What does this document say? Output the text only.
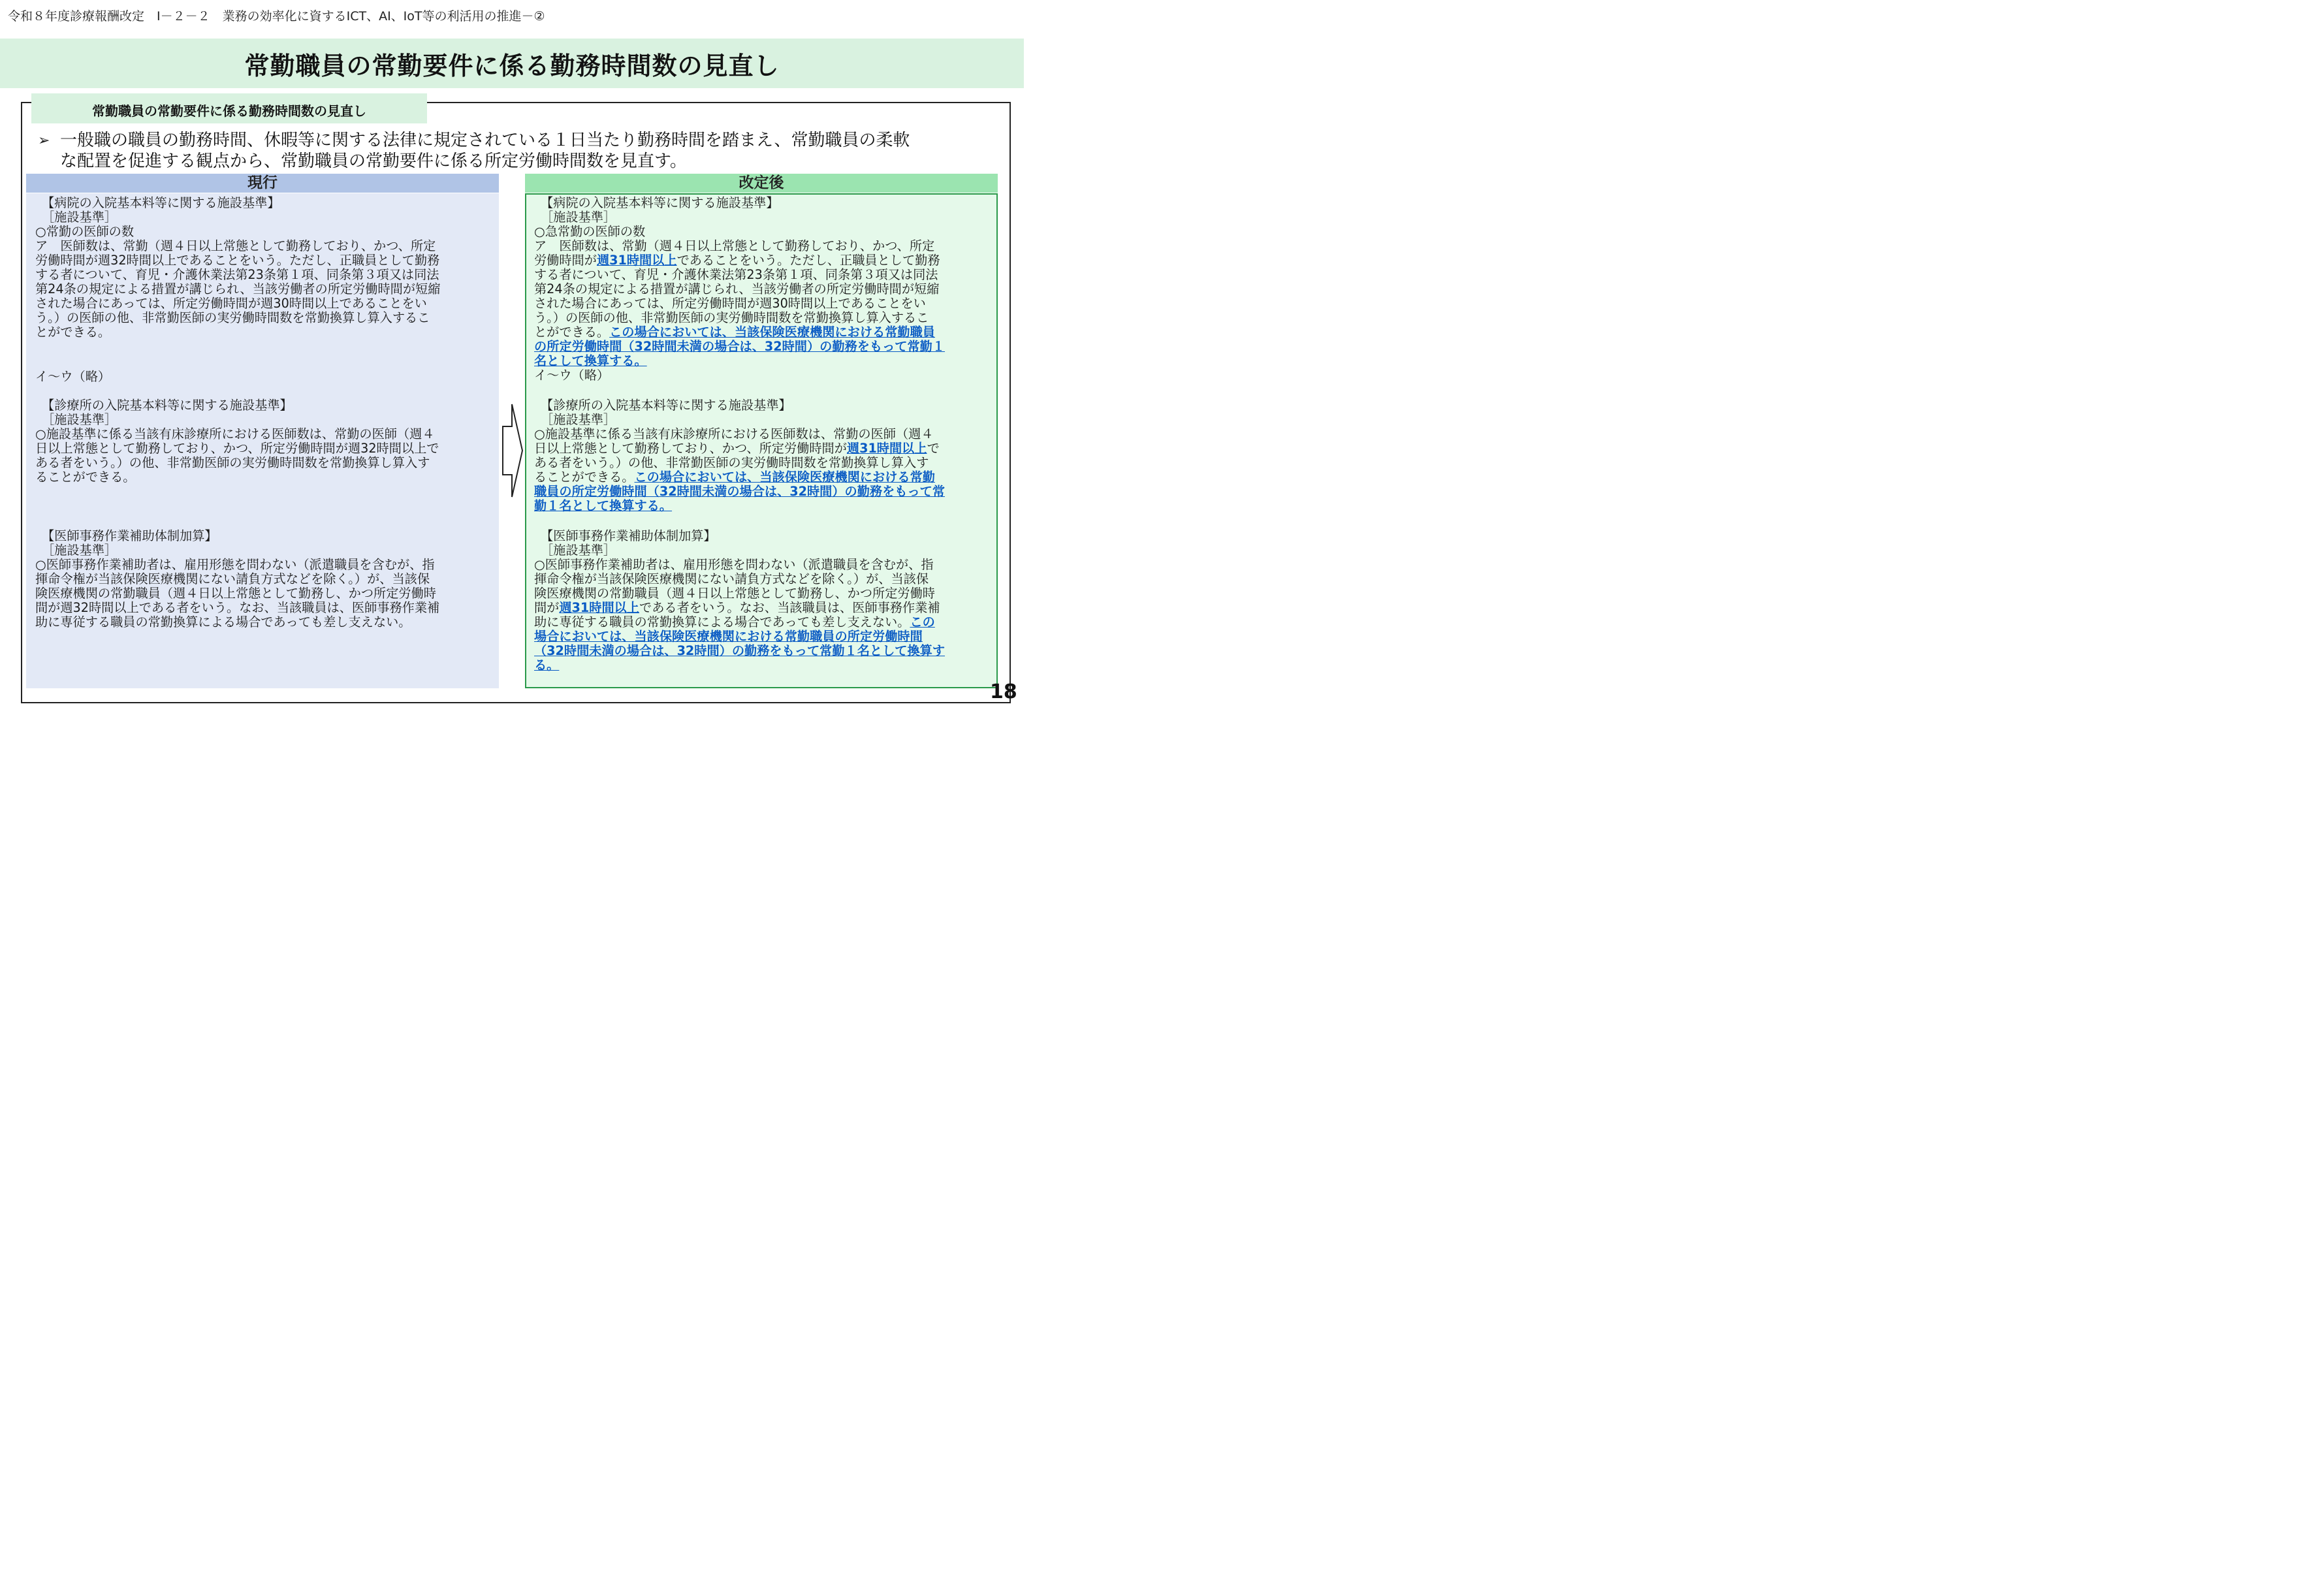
令和８年度診療報酬改定　Ⅰ－２－２　業務の効率化に資するICT、AI、IoT等の利活用の推進－②
常勤職員の常勤要件に係る勤務時間数の見直し
常勤職員の常勤要件に係る勤務時間数の見直し
➢ 一般職の職員の勤務時間、休暇等に関する法律に規定されている１日当たり勤務時間を踏まえ、常勤職員の柔軟
な配置を促進する観点から、常勤職員の常勤要件に係る所定労働時間数を見直す。
現行
【病院の入院基本料等に関する施設基準】
［施設基準］
○常勤の医師の数
ア　医師数は、常勤（週４日以上常態として勤務しており、かつ、所定
労働時間が週32時間以上であることをいう。ただし、正職員として勤務
する者について、育児・介護休業法第23条第１項、同条第３項又は同法
第24条の規定による措置が講じられ、当該労働者の所定労働時間が短縮
された場合にあっては、所定労働時間が週30時間以上であることをい
う。）の医師の他、非常勤医師の実労働時間数を常勤換算し算入するこ
とができる。
イ～ウ（略）
【診療所の入院基本料等に関する施設基準】
［施設基準］
○施設基準に係る当該有床診療所における医師数は、常勤の医師（週４
日以上常態として勤務しており、かつ、所定労働時間が週32時間以上で
ある者をいう。）の他、非常勤医師の実労働時間数を常勤換算し算入す
ることができる。
【医師事務作業補助体制加算】
［施設基準］
○医師事務作業補助者は、雇用形態を問わない（派遣職員を含むが、指
揮命令権が当該保険医療機関にない請負方式などを除く。）が、当該保
険医療機関の常勤職員（週４日以上常態として勤務し、かつ所定労働時
間が週32時間以上である者をいう。なお、当該職員は、医師事務作業補
助に専従する職員の常勤換算による場合であっても差し支えない。
改定後
【病院の入院基本料等に関する施設基準】
［施設基準］
○急常勤の医師の数
ア　医師数は、常勤（週４日以上常態として勤務しており、かつ、所定
労働時間が週31時間以上であることをいう。ただし、正職員として勤務
する者について、育児・介護休業法第23条第１項、同条第３項又は同法
第24条の規定による措置が講じられ、当該労働者の所定労働時間が短縮
された場合にあっては、所定労働時間が週30時間以上であることをい
う。）の医師の他、非常勤医師の実労働時間数を常勤換算し算入するこ
とができる。この場合においては、当該保険医療機関における常勤職員
の所定労働時間（32時間未満の場合は、32時間）の勤務をもって常勤１
名として換算する。
イ～ウ（略）
【診療所の入院基本料等に関する施設基準】
［施設基準］
○施設基準に係る当該有床診療所における医師数は、常勤の医師（週４
日以上常態として勤務しており、かつ、所定労働時間が週31時間以上で
ある者をいう。）の他、非常勤医師の実労働時間数を常勤換算し算入す
ることができる。この場合においては、当該保険医療機関における常勤
職員の所定労働時間（32時間未満の場合は、32時間）の勤務をもって常
勤１名として換算する。
【医師事務作業補助体制加算】
［施設基準］
○医師事務作業補助者は、雇用形態を問わない（派遣職員を含むが、指
揮命令権が当該保険医療機関にない請負方式などを除く。）が、当該保
険医療機関の常勤職員（週４日以上常態として勤務し、かつ所定労働時
間が週31時間以上である者をいう。なお、当該職員は、医師事務作業補
助に専従する職員の常勤換算による場合であっても差し支えない。この
場合においては、当該保険医療機関における常勤職員の所定労働時間
（32時間未満の場合は、32時間）の勤務をもって常勤１名として換算す
る。
18
